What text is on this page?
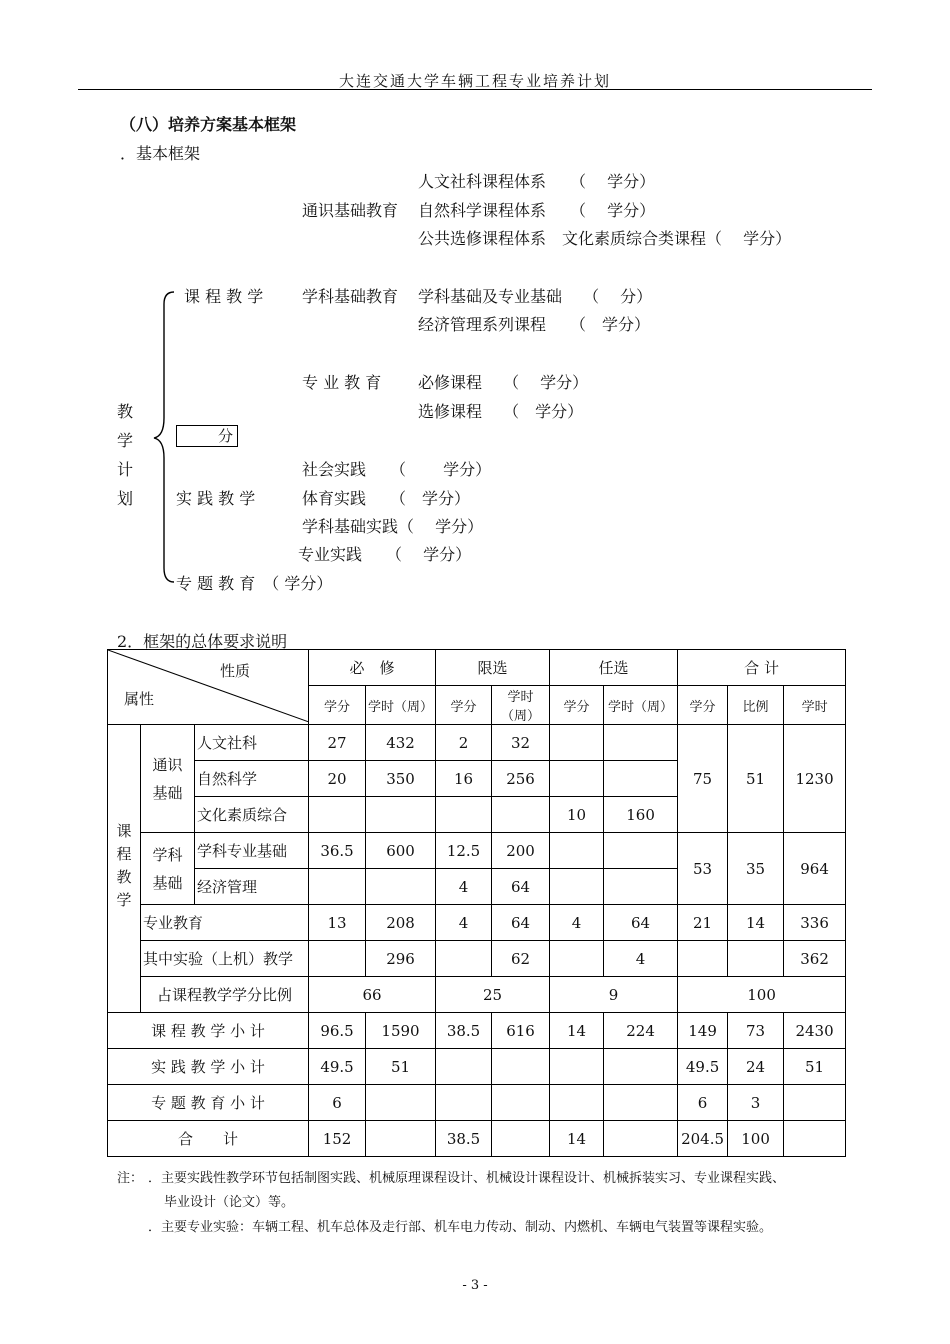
大连交通大学车辆工程专业培养计划
（八）培养方案基本框架
．基本框架
人文社科课程体系　　（　 学分）
通识基础教育 自然科学课程体系　　（　 学分）
公共选修课程体系　文化素质综合类课程（　 学分）
课 程 教 学 学科基础教育 学科基础及专业基础　 （　 分）
经济管理系列课程　　（　学分）
专 业 教 育 必修课程　 （　 学分）
选修课程　 （　学分）
教
学
计
划
分
社会实践　　（　　 学分）
实 践 教 学	体育实践　　（　学分）
学科基础实践（　 学分）
专业实践　　（　 学分）
专 题 教 育　（ 学分）
2．框架的总体要求说明
性质
属性			必　修		限选		任选		合 计		
			学分	学时（周）	学分	学时（周）	学分	学时（周）	学分	比例	学时
课程教学	通识基础	人文社科	27	432	2	32			75	51	1230
		自然科学	20	350	16	256					
		文化素质综合					10	160			
	学科基础	学科专业基础	36.5	600	12.5	200			53	35	964
		经济管理			4	64					
	专业教育		13	208	4	64	4	64	21	14	336
	其中实验（上机）教学			296		62		4			362
	占课程教学学分比例		66		25		9		100		
课 程 教 学 小 计			96.5	1590	38.5	616	14	224	149	73	2430
实 践 教 学 小 计			49.5	51					49.5	24	51
专 题 教 育 小 计			6						6	3	
合　　计			152		38.5		14		204.5	100	
注： ．主要实践性教学环节包括制图实践、机械原理课程设计、机械设计课程设计、机械拆装实习、专业课程实践、
毕业设计（论文）等。
．主要专业实验：车辆工程、机车总体及走行部、机车电力传动、制动、内燃机、车辆电气装置等课程实验。
- 3 -
